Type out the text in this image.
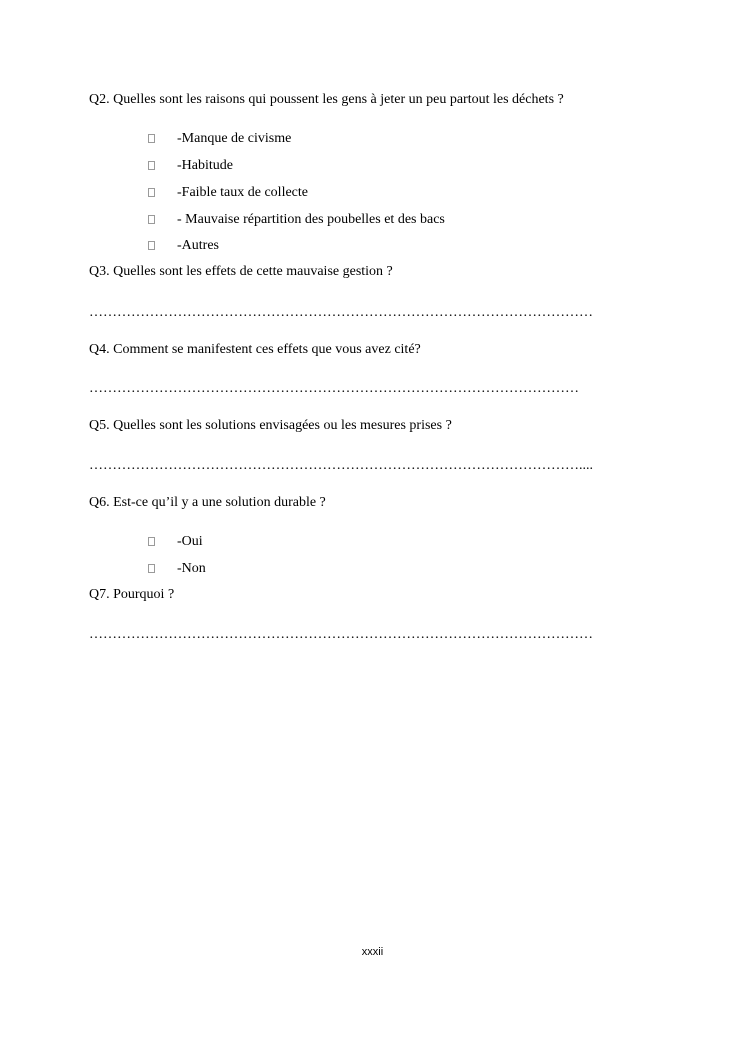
Q2. Quelles sont les raisons qui poussent les gens à jeter un peu partout les déchets ?
-Manque de civisme
-Habitude
-Faible taux de collecte
- Mauvaise répartition des poubelles et des bacs
-Autres
Q3. Quelles sont les effets de cette mauvaise gestion ?
………………………………………………………………………………………………
Q4. Comment se manifestent ces effets que vous avez cité?
……………………………………………………………………………………………
Q5. Quelles sont les solutions envisagées ou les mesures prises ?
……………………………………………………………………………………………....
Q6. Est-ce qu’il y a une solution durable ?
-Oui
-Non
Q7. Pourquoi ?
………………………………………………………………………………………………
xxxii
